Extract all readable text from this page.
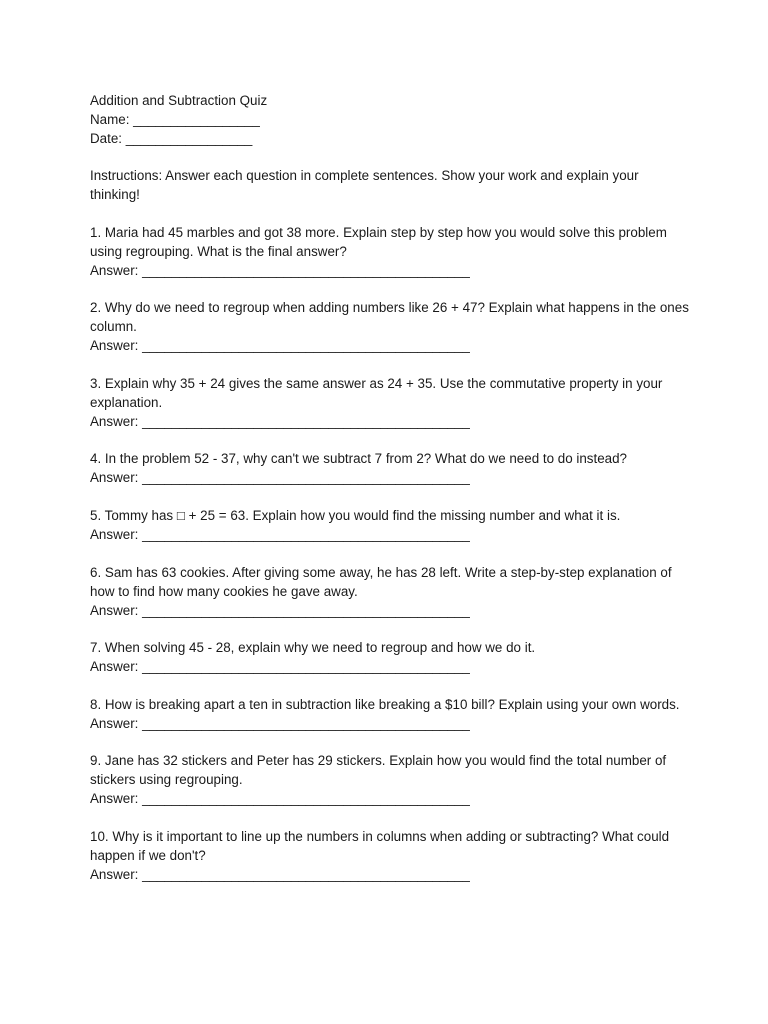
Addition and Subtraction Quiz
Name: _________________
Date: _________________
Instructions: Answer each question in complete sentences. Show your work and explain your thinking!
1. Maria had 45 marbles and got 38 more. Explain step by step how you would solve this problem using regrouping. What is the final answer?
Answer: ____________________________________________
2. Why do we need to regroup when adding numbers like 26 + 47? Explain what happens in the ones column.
Answer: ____________________________________________
3. Explain why 35 + 24 gives the same answer as 24 + 35. Use the commutative property in your explanation.
Answer: ____________________________________________
4. In the problem 52 - 37, why can't we subtract 7 from 2? What do we need to do instead?
Answer: ____________________________________________
5. Tommy has □ + 25 = 63. Explain how you would find the missing number and what it is.
Answer: ____________________________________________
6. Sam has 63 cookies. After giving some away, he has 28 left. Write a step-by-step explanation of how to find how many cookies he gave away.
Answer: ____________________________________________
7. When solving 45 - 28, explain why we need to regroup and how we do it.
Answer: ____________________________________________
8. How is breaking apart a ten in subtraction like breaking a $10 bill? Explain using your own words.
Answer: ____________________________________________
9. Jane has 32 stickers and Peter has 29 stickers. Explain how you would find the total number of stickers using regrouping.
Answer: ____________________________________________
10. Why is it important to line up the numbers in columns when adding or subtracting? What could happen if we don't?
Answer: ____________________________________________
